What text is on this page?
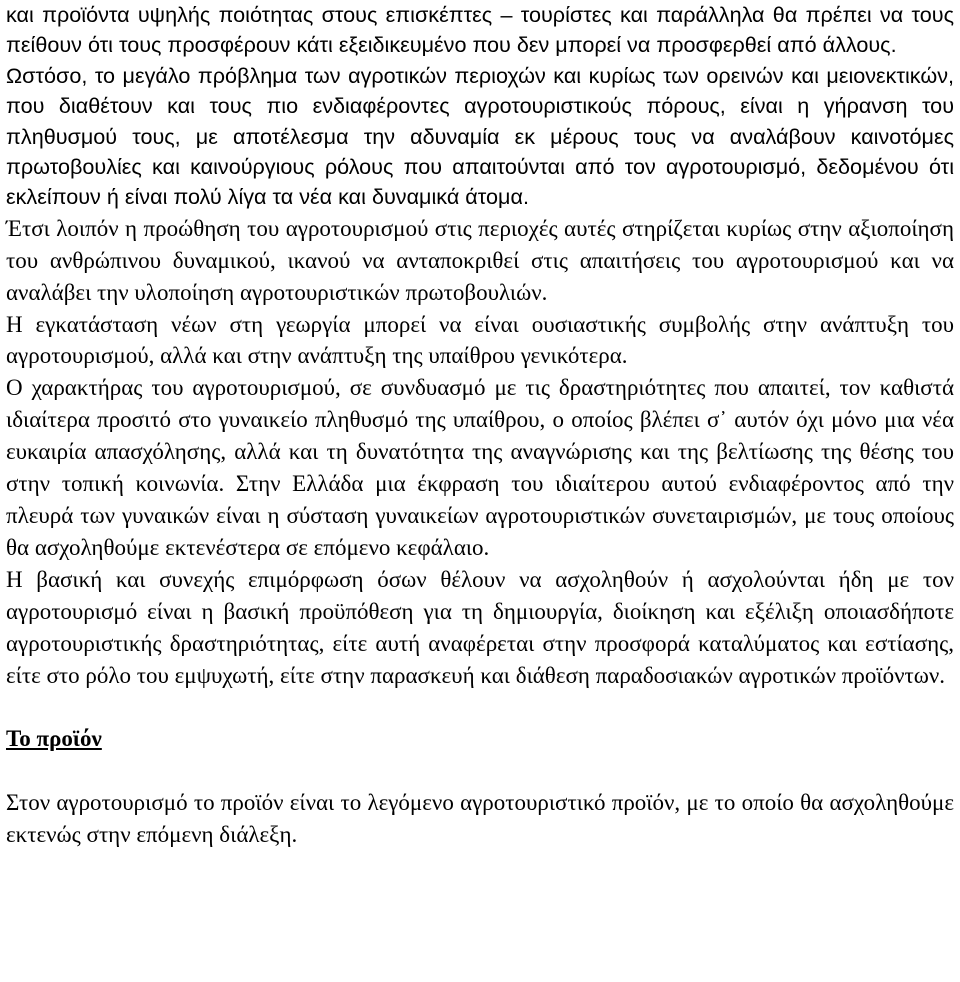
και προϊόντα υψηλής ποιότητας στους επισκέπτες – τουρίστες και παράλληλα θα πρέπει να τους πείθουν ότι τους προσφέρουν κάτι εξειδικευμένο που δεν μπορεί να προσφερθεί από άλλους.

Ωστόσο, το μεγάλο πρόβλημα των αγροτικών περιοχών και κυρίως των ορεινών και μειονεκτικών, που διαθέτουν και τους πιο ενδιαφέροντες αγροτουριστικούς πόρους, είναι η γήρανση του πληθυσμού τους, με αποτέλεσμα την αδυναμία εκ μέρους τους να αναλάβουν καινοτόμες πρωτοβουλίες και καινούργιους ρόλους που απαιτούνται από τον αγροτουρισμό, δεδομένου ότι εκλείπουν ή είναι πολύ λίγα τα νέα και δυναμικά άτομα.

Έτσι λοιπόν η προώθηση του αγροτουρισμού στις περιοχές αυτές στηρίζεται κυρίως στην αξιοποίηση του ανθρώπινου δυναμικού, ικανού να ανταποκριθεί στις απαιτήσεις του αγροτουρισμού και να αναλάβει την υλοποίηση αγροτουριστικών πρωτοβουλιών.

Η εγκατάσταση νέων στη γεωργία μπορεί να είναι ουσιαστικής συμβολής στην ανάπτυξη του αγροτουρισμού, αλλά και στην ανάπτυξη της υπαίθρου γενικότερα.

Ο χαρακτήρας του αγροτουρισμού, σε συνδυασμό με τις δραστηριότητες που απαιτεί, τον καθιστά ιδιαίτερα προσιτό στο γυναικείο πληθυσμό της υπαίθρου, ο οποίος βλέπει σ᾽ αυτόν όχι μόνο μια νέα ευκαιρία απασχόλησης, αλλά και τη δυνατότητα της αναγνώρισης και της βελτίωσης της θέσης του στην τοπική κοινωνία. Στην Ελλάδα μια έκφραση του ιδιαίτερου αυτού ενδιαφέροντος από την πλευρά των γυναικών είναι η σύσταση γυναικείων αγροτουριστικών συνεταιρισμών, με τους οποίους θα ασχοληθούμε εκτενέστερα σε επόμενο κεφάλαιο.

Η βασική και συνεχής επιμόρφωση όσων θέλουν να ασχοληθούν ή ασχολούνται ήδη με τον αγροτουρισμό είναι η βασική προϋπόθεση για τη δημιουργία, διοίκηση και εξέλιξη οποιασδήποτε αγροτουριστικής δραστηριότητας, είτε αυτή αναφέρεται στην προσφορά καταλύματος και εστίασης, είτε στο ρόλο του εμψυχωτή, είτε στην παρασκευή και διάθεση παραδοσιακών αγροτικών προϊόντων.

Το προϊόν

Στον αγροτουρισμό το προϊόν είναι το λεγόμενο αγροτουριστικό προϊόν, με το οποίο θα ασχοληθούμε εκτενώς στην επόμενη διάλεξη.
